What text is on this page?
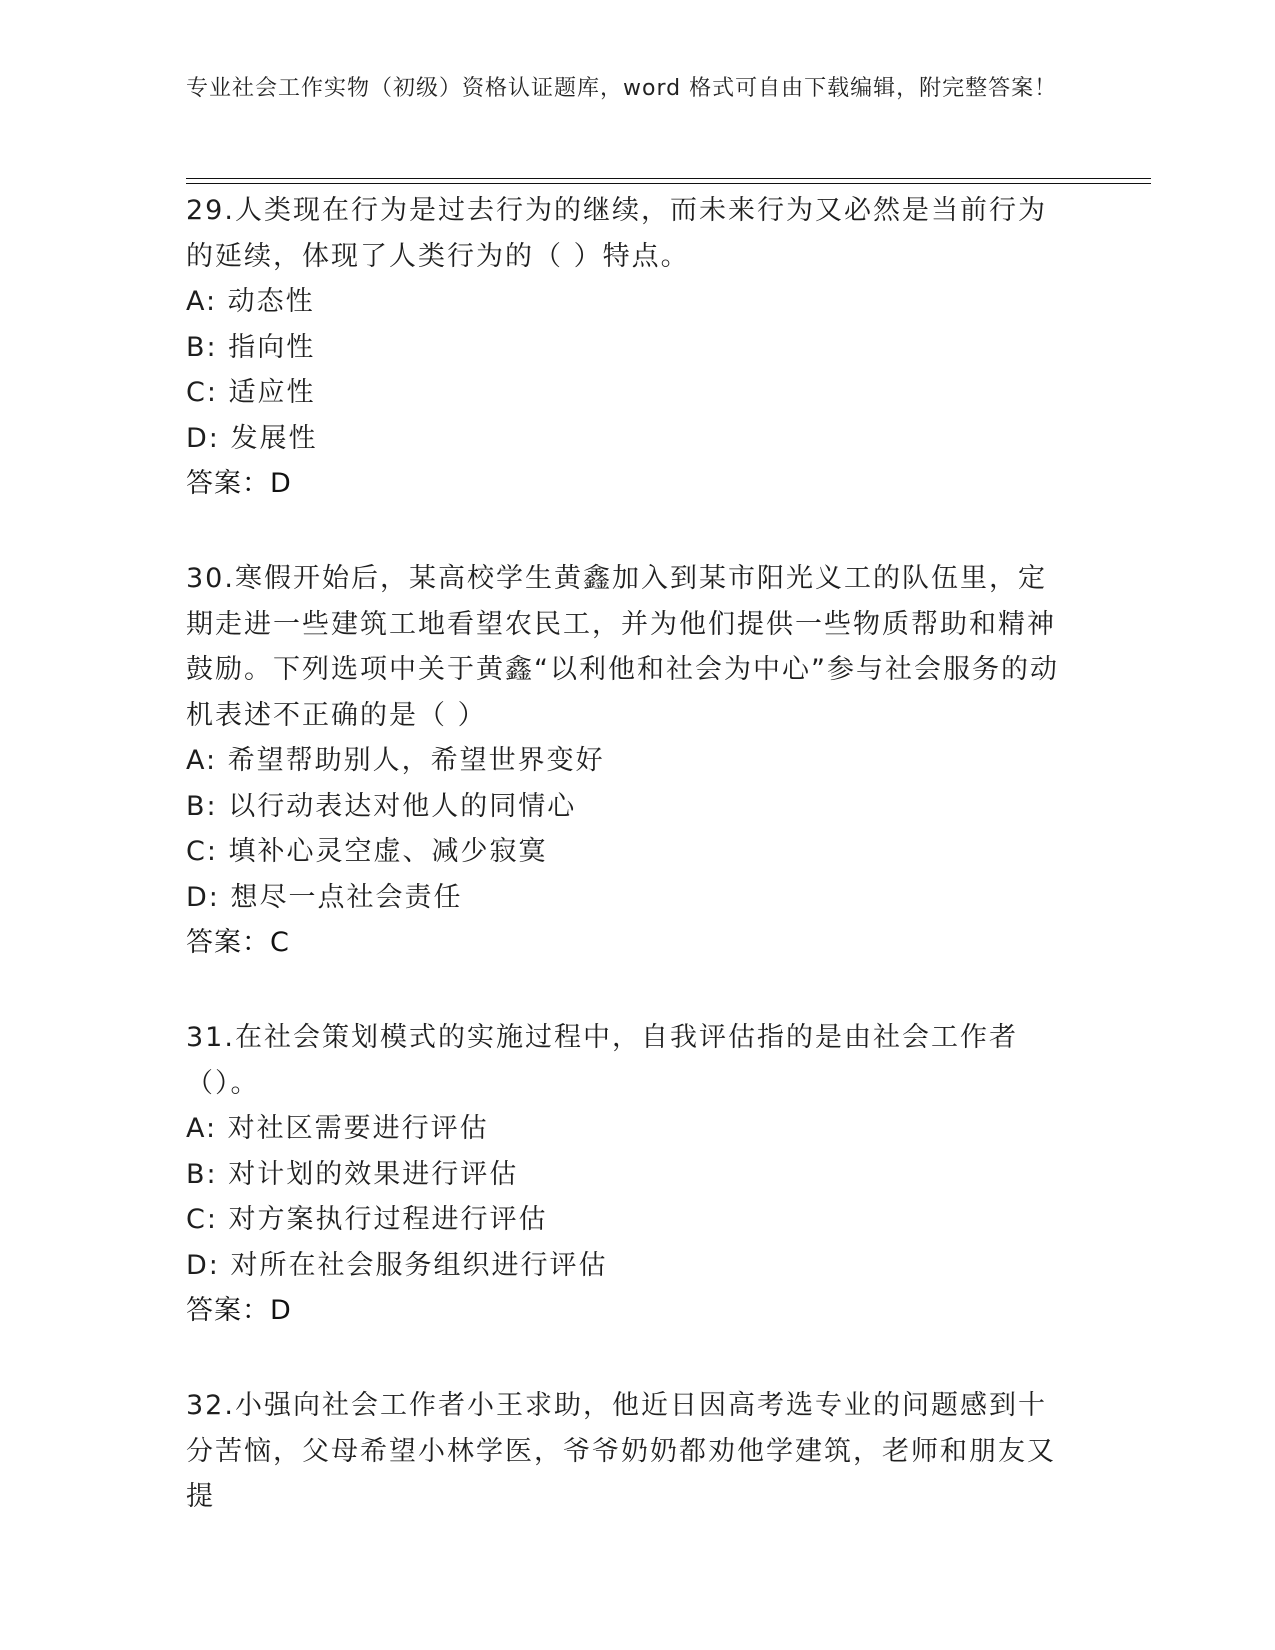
专业社会工作实物（初级）资格认证题库，word 格式可自由下载编辑，附完整答案！

29.人类现在行为是过去行为的继续，而未来行为又必然是当前行为的延续，体现了人类行为的（ ）特点。

A: 动态性

B: 指向性

C: 适应性

D: 发展性

答案：D

30.寒假开始后，某高校学生黄鑫加入到某市阳光义工的队伍里，定期走进一些建筑工地看望农民工，并为他们提供一些物质帮助和精神鼓励。下列选项中关于黄鑫“以利他和社会为中心”参与社会服务的动机表述不正确的是（ ）

A: 希望帮助别人，希望世界变好

B: 以行动表达对他人的同情心

C: 填补心灵空虚、减少寂寞

D: 想尽一点社会责任

答案：C

31.在社会策划模式的实施过程中，自我评估指的是由社会工作者（）。

A: 对社区需要进行评估

B: 对计划的效果进行评估

C: 对方案执行过程进行评估

D: 对所在社会服务组织进行评估

答案：D

32.小强向社会工作者小王求助，他近日因高考选专业的问题感到十分苦恼，父母希望小林学医，爷爷奶奶都劝他学建筑，老师和朋友又提
